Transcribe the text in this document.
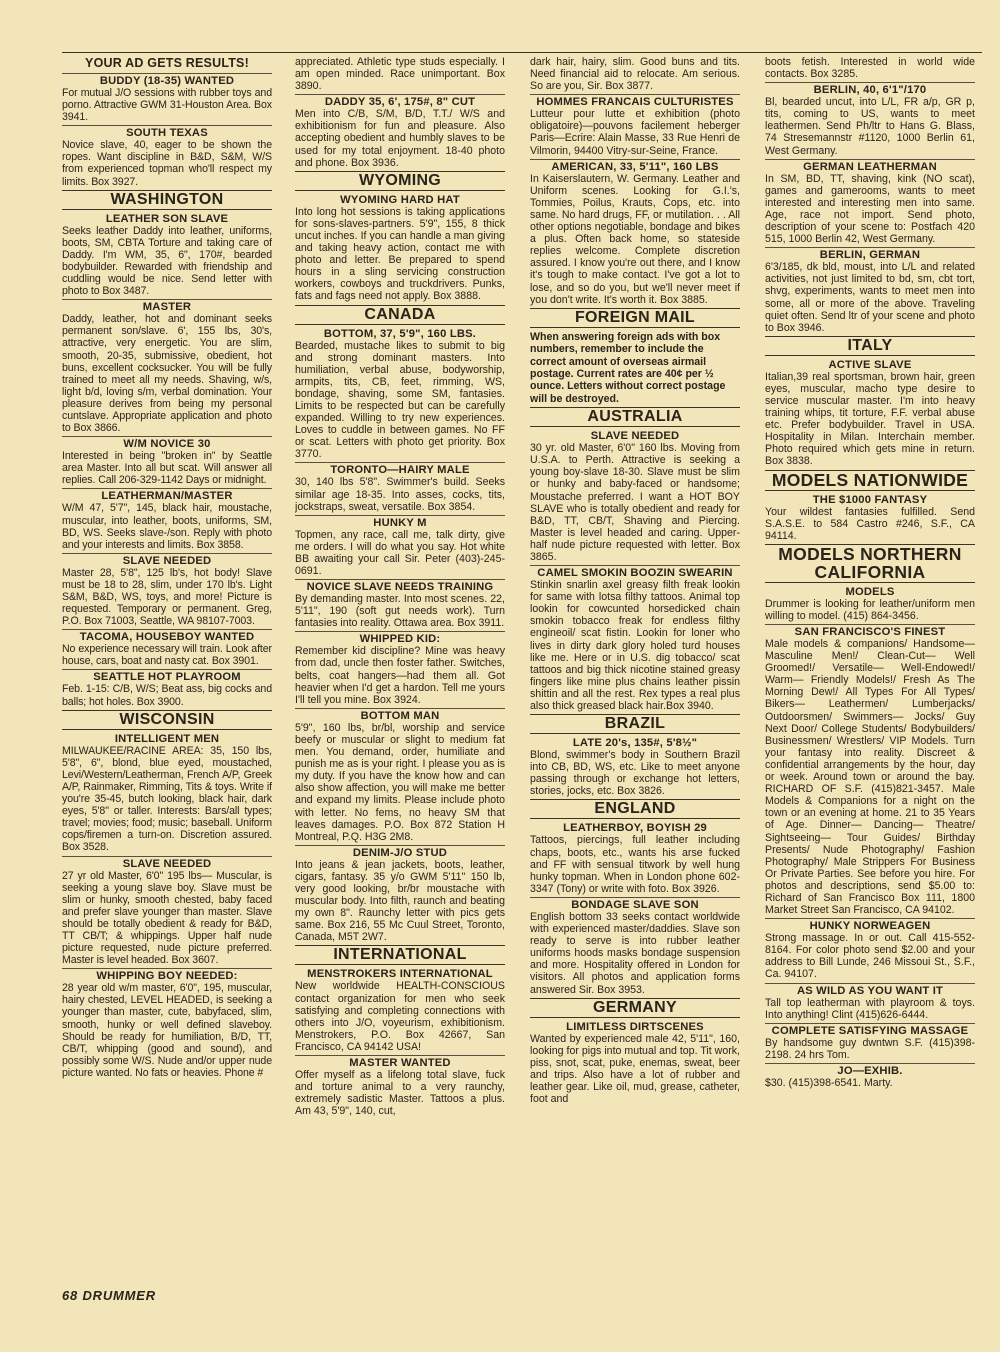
YOUR AD GETS RESULTS!
BUDDY (18-35) WANTED
For mutual J/O sessions with rubber toys and porno. Attractive GWM 31-Houston Area. Box 3941.
SOUTH TEXAS
Novice slave, 40, eager to be shown the ropes. Want discipline in B&D, S&M, W/S from experienced topman who'll respect my limits. Box 3927.
WASHINGTON
LEATHER SON SLAVE
Seeks leather Daddy into leather, uniforms, boots, SM, CBTA Torture and taking care of Daddy. I'm WM, 35, 6", 170#, bearded bodybuilder. Rewarded with friendship and cuddling would be nice. Send letter with photo to Box 3487.
MASTER
Daddy, leather, hot and dominant seeks permanent son/slave. 6', 155 lbs, 30's, attractive, very energetic. You are slim, smooth, 20-35, submissive, obedient, hot buns, excellent cocksucker. You will be fully trained to meet all my needs. Shaving, w/s, light b/d, loving s/m, verbal domination. Your pleasure derives from being my personal cuntslave. Appropriate application and photo to Box 3866.
W/M NOVICE 30
Interested in being "broken in" by Seattle area Master. Into all but scat. Will answer all replies. Call 206-329-1142 Days or midnight.
LEATHERMAN/MASTER
W/M 47, 5'7", 145, black hair, moustache, muscular, into leather, boots, uniforms, SM, BD, WS. Seeks slave-/son. Reply with photo and your interests and limits. Box 3858.
SLAVE NEEDED
Master 28, 5'8", 125 lb's, hot body! Slave must be 18 to 28, slim, under 170 lb's. Light S&M, B&D, WS, toys, and more! Picture is requested. Temporary or permanent. Greg, P.O. Box 71003, Seattle, WA 98107-7003.
TACOMA, HOUSEBOY WANTED
No experience necessary will train. Look after house, cars, boat and nasty cat. Box 3901.
SEATTLE HOT PLAYROOM
Feb. 1-15: C/B, W/S; Beat ass, big cocks and balls; hot holes. Box 3900.
WISCONSIN
INTELLIGENT MEN
MILWAUKEE/RACINE AREA: 35, 150 lbs, 5'8", 6", blond, blue eyed, moustached, Levi/Western/Leatherman, French A/P, Greek A/P, Rainmaker, Rimming, Tits & toys. Write if you're 35-45, butch looking, black hair, dark eyes, 5'8" or taller. Interests: Bars/all types; travel; movies; food; music; baseball. Uniform cops/firemen a turn-on. Discretion assured. Box 3528.
SLAVE NEEDED
27 yr old Master, 6'0" 195 lbs— Muscular, is seeking a young slave boy. Slave must be slim or hunky, smooth chested, baby faced and prefer slave younger than master. Slave should be totally obedient & ready for B&D, TT CB/T; & whippings. Upper half nude picture requested, nude picture preferred. Master is level headed. Box 3607.
WHIPPING BOY NEEDED:
28 year old w/m master, 6'0", 195, muscular, hairy chested, LEVEL HEADED, is seeking a younger than master, cute, babyfaced, slim, smooth, hunky or well defined slaveboy. Should be ready for humiliation, B/D, TT, CB/T, whipping (good and sound), and possibly some W/S. Nude and/or upper nude picture wanted. No fats or heavies. Phone #
appreciated. Athletic type studs especially. I am open minded. Race unimportant. Box 3890.
DADDY 35, 6', 175#, 8" CUT
Men into C/B, S/M, B/D, T.T./ W/S and exhibitionism for fun and pleasure. Also accepting obedient and humbly slaves to be used for my total enjoyment. 18-40 photo and phone. Box 3936.
WYOMING
WYOMING HARD HAT
Into long hot sessions is taking applications for sons-slaves-partners. 5'9", 155, 8 thick uncut inches. If you can handle a man giving and taking heavy action, contact me with photo and letter. Be prepared to spend hours in a sling servicing construction workers, cowboys and truckdrivers. Punks, fats and fags need not apply. Box 3888.
CANADA
BOTTOM, 37, 5'9", 160 LBS.
Bearded, mustache likes to submit to big and strong dominant masters. Into humiliation, verbal abuse, bodyworship, armpits, tits, CB, feet, rimming, WS, bondage, shaving, some SM, fantasies. Limits to be respected but can be carefully expanded. Willing to try new experiences. Loves to cuddle in between games. No FF or scat. Letters with photo get priority. Box 3770.
TORONTO—HAIRY MALE
30, 140 lbs 5'8". Swimmer's build. Seeks similar age 18-35. Into asses, cocks, tits, jockstraps, sweat, versatile. Box 3854.
HUNKY M
Topmen, any race, call me, talk dirty, give me orders. I will do what you say. Hot white BB awaiting your call Sir. Peter (403)-245-0691.
NOVICE SLAVE NEEDS TRAINING
By demanding master. Into most scenes. 22, 5'11", 190 (soft gut needs work). Turn fantasies into reality. Ottawa area. Box 3911.
WHIPPED KID:
Remember kid discipline? Mine was heavy from dad, uncle then foster father. Switches, belts, coat hangers—had them all. Got heavier when I'd get a hardon. Tell me yours I'll tell you mine. Box 3924.
BOTTOM MAN
5'9", 160 lbs, br/bl, worship and service beefy or muscular or slight to medium fat men. You demand, order, humiliate and punish me as is your right. I please you as is my duty. If you have the know how and can also show affection, you will make me better and expand my limits. Please include photo with letter. No fems, no heavy SM that leaves damages. P.O. Box 872 Station H Montreal, P.Q. H3G 2M8.
DENIM-J/O STUD
Into jeans & jean jackets, boots, leather, cigars, fantasy. 35 y/o GWM 5'11" 150 lb, very good looking, br/br moustache with muscular body. Into filth, raunch and beating my own 8". Raunchy letter with pics gets same. Box 216, 55 Mc Cuul Street, Toronto, Canada, M5T 2W7.
INTERNATIONAL
MENSTROKERS INTERNATIONAL
New worldwide HEALTH-CONSCIOUS contact organization for men who seek satisfying and completing connections with others into J/O, voyeurism, exhibitionism. Menstrokers, P.O. Box 42667, San Francisco, CA 94142 USA!
MASTER WANTED
Offer myself as a lifelong total slave, fuck and torture animal to a very raunchy, extremely sadistic Master. Tattoos a plus. Am 43, 5'9", 140, cut,
dark hair, hairy, slim. Good buns and tits. Need financial aid to relocate. Am serious. So are you, Sir. Box 3877.
HOMMES FRANCAIS CULTURISTES
Lutteur pour lutte et exhibition (photo obligatoire)—pouvons facilement heberger Paris—Ecrire: Alain Masse, 33 Rue Henri de Vilmorin, 94400 Vitry-sur-Seine, France.
AMERICAN, 33, 5'11", 160 LBS
In Kaiserslautern, W. Germany. Leather and Uniform scenes. Looking for G.I.'s, Tommies, Poilus, Krauts, Cops, etc. into same. No hard drugs, FF, or mutilation. . . All other options negotiable, bondage and bikes a plus. Often back home, so stateside replies welcome. Complete discretion assured. I know you're out there, and I know it's tough to make contact. I've got a lot to lose, and so do you, but we'll never meet if you don't write. It's worth it. Box 3885.
FOREIGN MAIL
When answering foreign ads with box numbers, remember to include the correct amount of overseas airmail postage. Current rates are 40¢ per ½ ounce. Letters without correct postage will be destroyed.
AUSTRALIA
SLAVE NEEDED
30 yr. old Master, 6'0" 160 lbs. Moving from U.S.A. to Perth. Attractive is seeking a young boy-slave 18-30. Slave must be slim or hunky and baby-faced or handsome; Moustache preferred. I want a HOT BOY SLAVE who is totally obedient and ready for B&D, TT, CB/T, Shaving and Piercing. Master is level headed and caring. Upper-half nude picture requested with letter. Box 3865.
CAMEL SMOKIN BOOZIN SWEARIN
Stinkin snarlin axel greasy filth freak lookin for same with lotsa filthy tattoos. Animal top lookin for cowcunted horsedicked chain smokin tobacco freak for endless filthy engineoil/ scat fistin. Lookin for loner who lives in dirty dark glory holed turd houses like me. Here or in U.S. dig tobacco/ scat tattoos and big thick nicotine stained greasy fingers like mine plus chains leather pissin shittin and all the rest. Rex types a real plus also thick greased black hair.Box 3940.
BRAZIL
LATE 20's, 135#, 5'8½"
Blond, swimmer's body in Southern Brazil into CB, BD, WS, etc. Like to meet anyone passing through or exchange hot letters, stories, jocks, etc. Box 3826.
ENGLAND
LEATHERBOY, BOYISH 29
Tattoos, piercings, full leather including chaps, boots, etc., wants his arse fucked and FF with sensual titwork by well hung hunky topman. When in London phone 602-3347 (Tony) or write with foto. Box 3926.
BONDAGE SLAVE SON
English bottom 33 seeks contact worldwide with experienced master/daddies. Slave son ready to serve is into rubber leather uniforms hoods masks bondage suspension and more. Hospitality offered in London for visitors. All photos and application forms answered Sir. Box 3953.
GERMANY
LIMITLESS DIRTSCENES
Wanted by experienced male 42, 5'11", 160, looking for pigs into mutual and top. Tit work, piss, snot, scat, puke, enemas, sweat, beer and trips. Also have a lot of rubber and leather gear. Like oil, mud, grease, catheter, foot and
boots fetish. Interested in world wide contacts. Box 3285.
BERLIN, 40, 6'1"/170
Bl, bearded uncut, into L/L, FR a/p, GR p, tits, coming to US, wants to meet leathermen. Send Ph/ltr to Hans G. Blass, 74 Stresemannstr #1120, 1000 Berlin 61, West Germany.
GERMAN LEATHERMAN
In SM, BD, TT, shaving, kink (NO scat), games and gamerooms, wants to meet interested and interesting men into same. Age, race not import. Send photo, description of your scene to: Postfach 420 515, 1000 Berlin 42, West Germany.
BERLIN, GERMAN
6'3/185, dk bld, moust, into L/L and related activities, not just limited to bd, sm, cbt tort, shvg, experiments, wants to meet men into some, all or more of the above. Traveling quiet often. Send ltr of your scene and photo to Box 3946.
ITALY
ACTIVE SLAVE
Italian,39 real sportsman, brown hair, green eyes, muscular, macho type desire to service muscular master. I'm into heavy training whips, tit torture, F.F. verbal abuse etc. Prefer bodybuilder. Travel in USA. Hospitality in Milan. Interchain member. Photo required which gets mine in return. Box 3838.
MODELS NATIONWIDE
THE $1000 FANTASY
Your wildest fantasies fulfilled. Send S.A.S.E. to 584 Castro #246, S.F., CA 94114.
MODELS NORTHERN CALIFORNIA
MODELS
Drummer is looking for leather/uniform men willing to model. (415) 864-3456.
SAN FRANCISCO'S FINEST
Male models & companions/ Handsome— Masculine Men!/ Clean-Cut— Well Groomed!/ Versatile— Well-Endowed!/ Warm— Friendly Models!/ Fresh As The Morning Dew!/ All Types For All Types/ Bikers— Leathermen/ Lumberjacks/ Outdoorsmen/ Swimmers— Jocks/ Guy Next Door/ College Students/ Bodybuilders/ Businessmen/ Wrestlers/ VIP Models. Turn your fantasy into reality. Discreet & confidential arrangements by the hour, day or week. Around town or around the bay. RICHARD OF S.F. (415)821-3457. Male Models & Companions for a night on the town or an evening at home. 21 to 35 Years of Age. Dinner— Dancing— Theatre/ Sightseeing— Tour Guides/ Birthday Presents/ Nude Photography/ Fashion Photography/ Male Strippers For Business Or Private Parties. See before you hire. For photos and descriptions, send $5.00 to: Richard of San Francisco Box 111, 1800 Market Street San Francisco, CA 94102.
HUNKY NORWEAGEN
Strong massage. In or out. Call 415-552-8164. For color photo send $2.00 and your address to Bill Lunde, 246 Missoui St., S.F., Ca. 94107.
AS WILD AS YOU WANT IT
Tall top leatherman with playroom & toys. Into anything! Clint (415)626-6444.
COMPLETE SATISFYING MASSAGE
By handsome guy dwntwn S.F. (415)398-2198. 24 hrs Tom.
JO—EXHIB.
$30. (415)398-6541. Marty.
68 DRUMMER
